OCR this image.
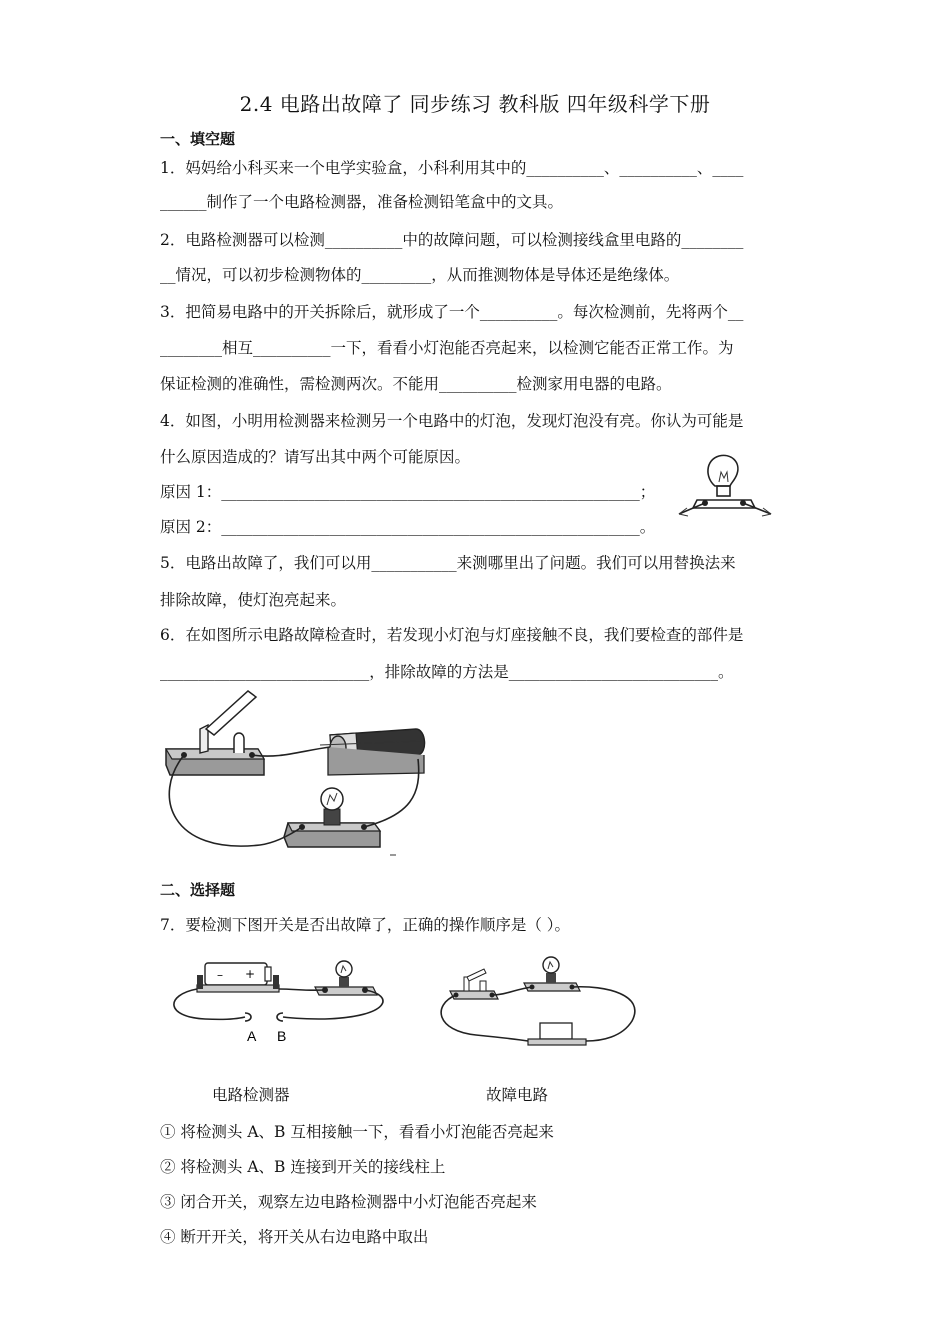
2.4 电路出故障了 同步练习 教科版 四年级科学下册
一、填空题
1．妈妈给小科买来一个电学实验盒，小科利用其中的__________、__________、____
______制作了一个电路检测器，准备检测铅笔盒中的文具。
2．电路检测器可以检测__________中的故障问题，可以检测接线盒里电路的________
__情况，可以初步检测物体的_________，从而推测物体是导体还是绝缘体。
3．把简易电路中的开关拆除后，就形成了一个__________。每次检测前，先将两个__
________相互__________一下，看看小灯泡能否亮起来，以检测它能否正常工作。为
保证检测的准确性，需检测两次。不能用__________检测家用电器的电路。
4．如图，小明用检测器来检测另一个电路中的灯泡，发现灯泡没有亮。你认为可能是
什么原因造成的？请写出其中两个可能原因。
原因 1：______________________________________________________；
原因 2：______________________________________________________。
5．电路出故障了，我们可以用___________来测哪里出了问题。我们可以用替换法来
排除故障，使灯泡亮起来。
6．在如图所示电路故障检查时，若发现小灯泡与灯座接触不良，我们要检查的部件是
___________________________，排除故障的方法是___________________________。
二、选择题
7．要检测下图开关是否出故障了，正确的操作顺序是（ ）。
– +
A B
电路检测器	故障电路
① 将检测头 A、B 互相接触一下，看看小灯泡能否亮起来
② 将检测头 A、B 连接到开关的接线柱上
③ 闭合开关，观察左边电路检测器中小灯泡能否亮起来
④ 断开开关，将开关从右边电路中取出
